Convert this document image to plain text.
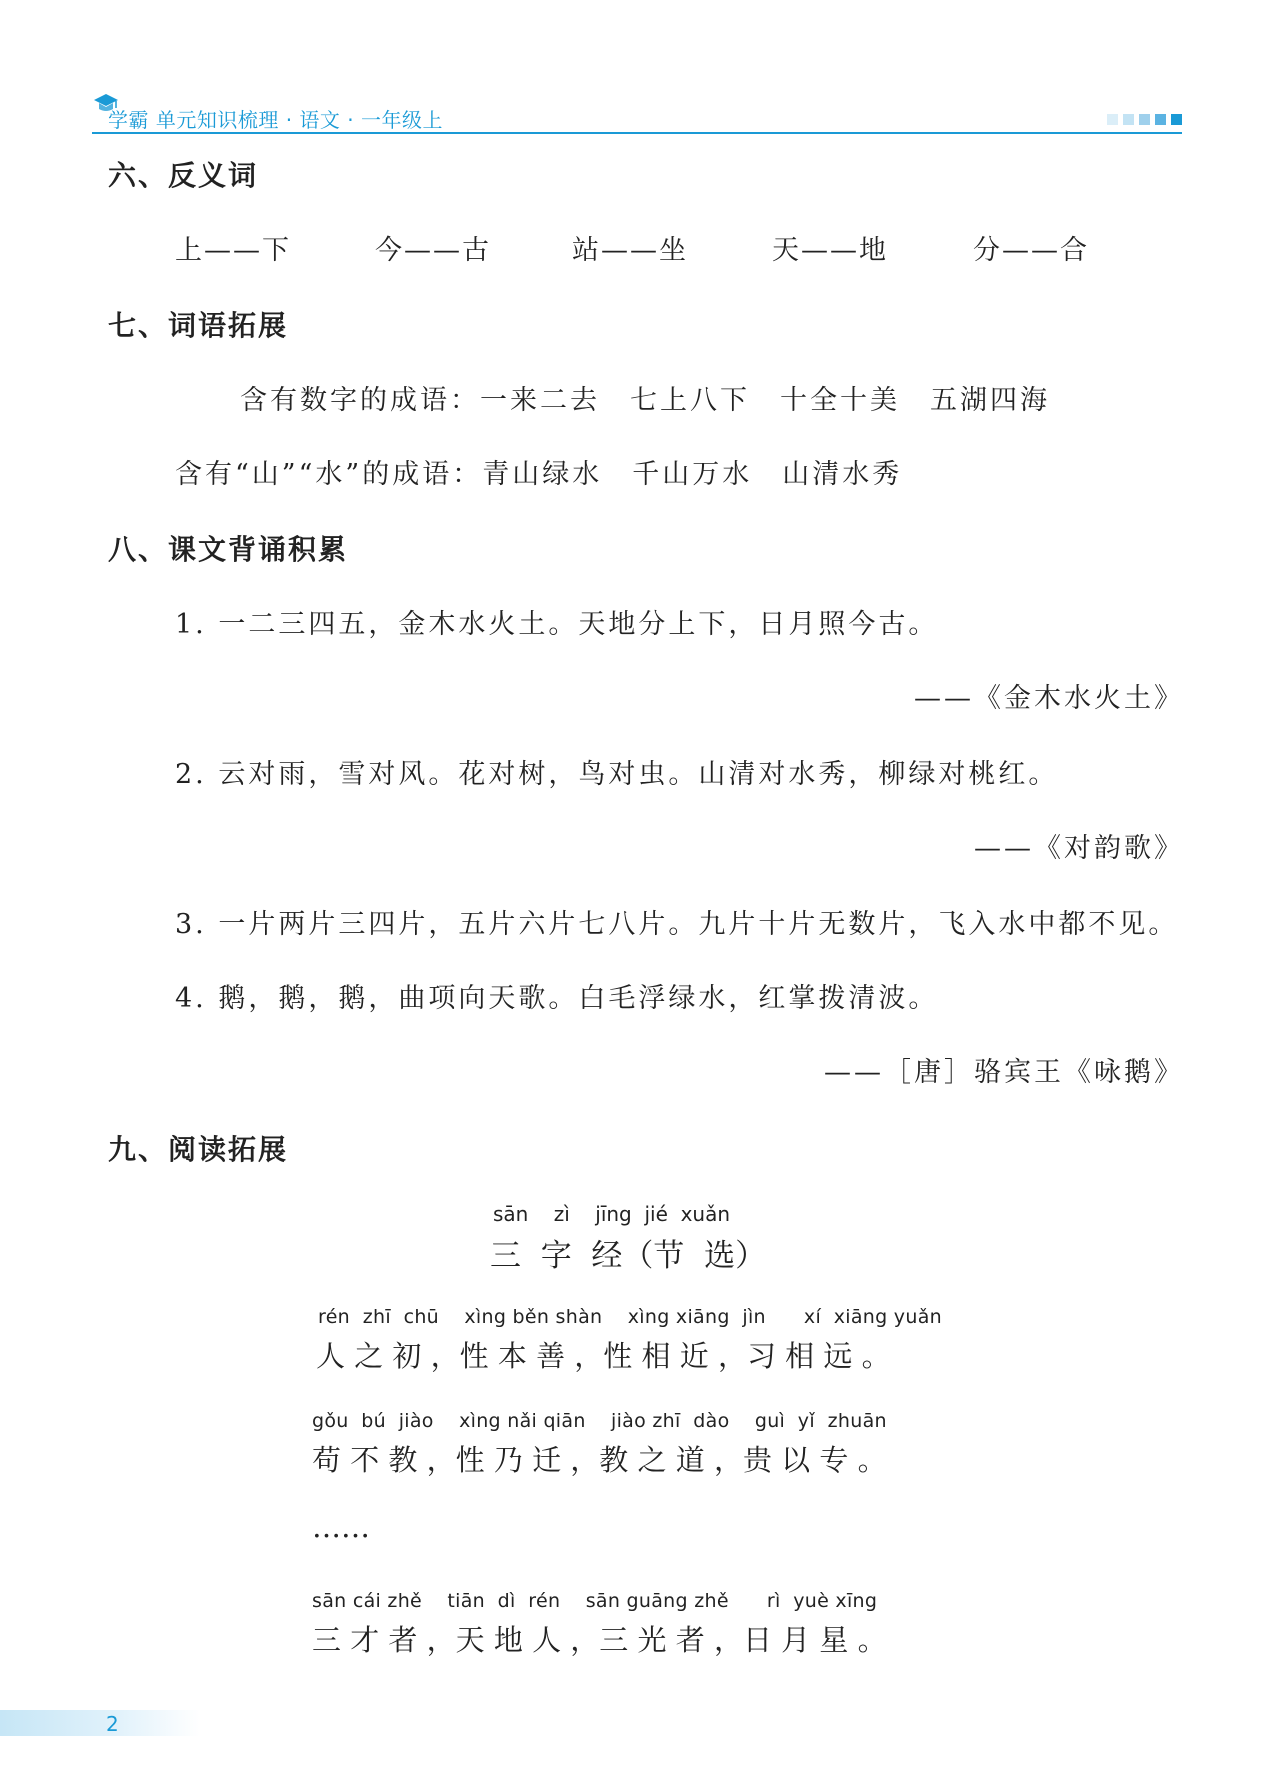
学霸 单元知识梳理 · 语文 · 一年级上
六、反义词
上——下	今——古	站——坐	天——地	分——合
七、词语拓展
含有数字的成语：一来二去　七上八下　十全十美　五湖四海
含有“山”“水”的成语：青山绿水　千山万水　山清水秀
八、课文背诵积累
1. 一二三四五，金木水火土。天地分上下，日月照今古。
——《金木水火土》
2. 云对雨，雪对风。花对树，鸟对虫。山清对水秀，柳绿对桃红。
——《对韵歌》
3. 一片两片三四片，五片六片七八片。九片十片无数片，飞入水中都不见。
4. 鹅，鹅，鹅，曲项向天歌。白毛浮绿水，红掌拨清波。
——［唐］骆宾王《咏鹅》
九、阅读拓展
sān    zì    jīng  jié  xuǎn
三  字  经（节  选）
rén  zhī  chū    xìng běn shàn    xìng xiāng  jìn      xí  xiāng yuǎn
人 之 初 ，性 本 善 ，性 相 近 ，习 相 远 。
gǒu  bú  jiào    xìng nǎi qiān    jiào zhī  dào    guì  yǐ  zhuān
苟 不 教 ，性 乃 迁 ，教 之 道 ，贵 以 专 。
……
sān cái zhě    tiān  dì  rén    sān guāng zhě      rì  yuè xīng
三 才 者 ，天 地 人 ，三 光 者 ，日 月 星 。
2
